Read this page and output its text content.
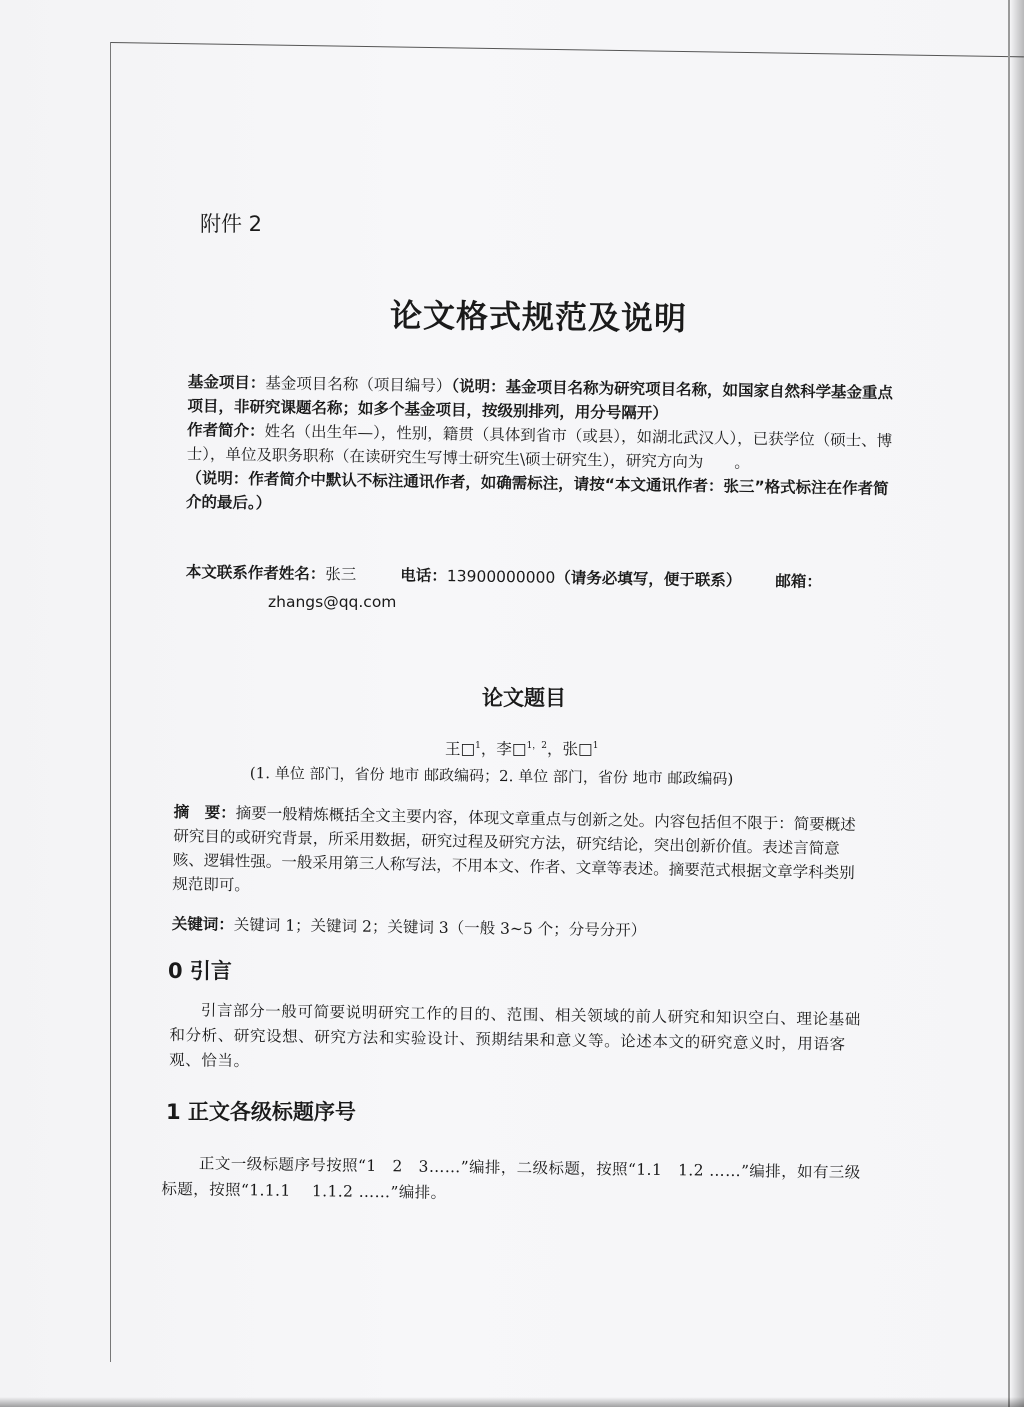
附件 2
论文格式规范及说明

基金项目：基金项目名称（项目编号）（说明：基金项目名称为研究项目名称，如国家自然科学基金重点项目，非研究课题名称；如多个基金项目，按级别排列，用分号隔开）

作者简介：姓名（出生年—），性别，籍贯（具体到省市（或县），如湖北武汉人），已获学位（硕士、博士），单位及职务职称（在读研究生写博士研究生\硕士研究生），研究方向为　　。

（说明：作者简介中默认不标注通讯作者，如确需标注，请按“本文通讯作者：张三”格式标注在作者简介的最后。）

本文联系作者姓名：张三	电话：13900000000（请务必填写，便于联系） 邮箱：
zhangs@qq.com
论文题目
王□$^1$，李□$^{1,2}$，张□$^1$
(1. 单位 部门，省份 地市 邮政编码；2. 单位 部门，省份 地市 邮政编码)

摘　要：摘要一般精炼概括全文主要内容，体现文章重点与创新之处。内容包括但不限于：简要概述研究目的或研究背景，所采用数据，研究过程及研究方法，研究结论，突出创新价值。表述言简意赅、逻辑性强。一般采用第三人称写法，不用本文、作者、文章等表述。摘要范式根据文章学科类别规范即可。

关键词：关键词 1；关键词 2；关键词 3（一般 3~5 个；分号分开）
0 引言

引言部分一般可简要说明研究工作的目的、范围、相关领域的前人研究和知识空白、理论基础和分析、研究设想、研究方法和实验设计、预期结果和意义等。论述本文的研究意义时，用语客观、恰当。

1 正文各级标题序号

正文一级标题序号按照“1　2　3……”编排，二级标题，按照“1.1　1.2 ……”编排，如有三级标题，按照“1.1.1　 1.1.2 ……”编排。
